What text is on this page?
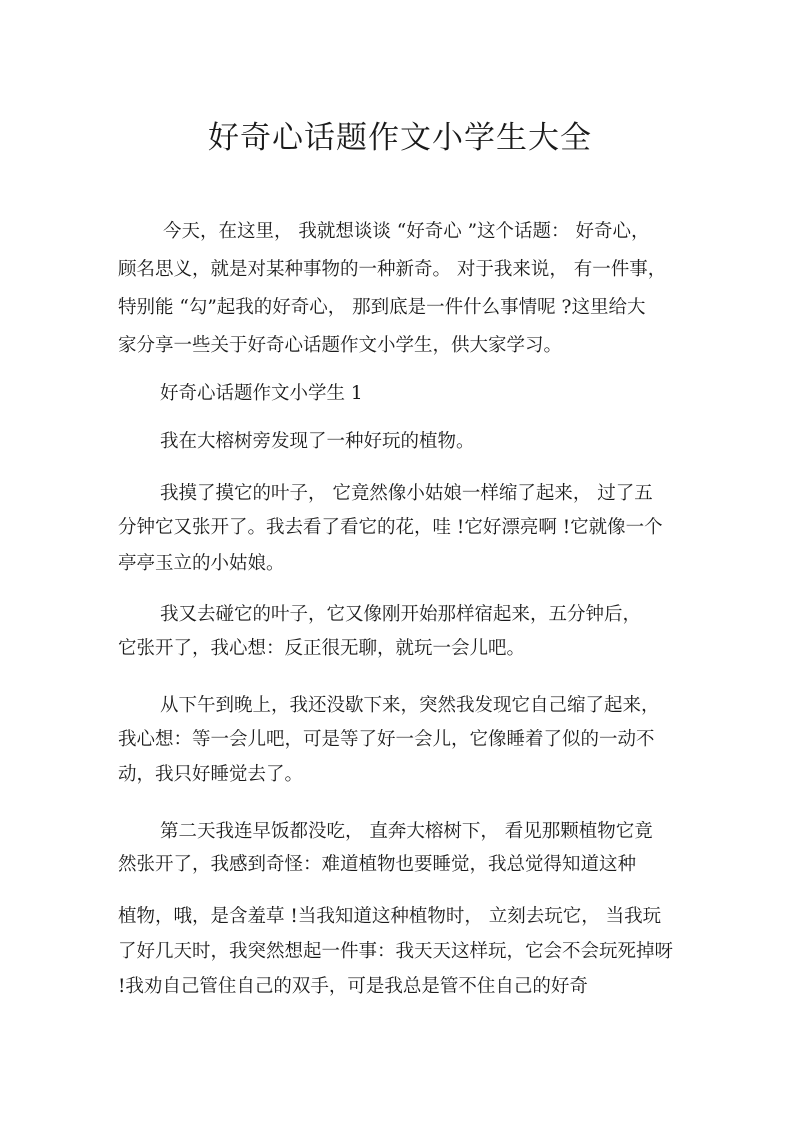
好奇心话题作文小学生大全

今天，在这里， 我就想谈谈 “好奇心 ”这个话题： 好奇心，

顾名思义，就是对某种事物的一种新奇。 对于我来说， 有一件事，

特别能 “勾”起我的好奇心， 那到底是一件什么事情呢 ?这里给大

家分享一些关于好奇心话题作文小学生，供大家学习。

好奇心话题作文小学生 1

我在大榕树旁发现了一种好玩的植物。

我摸了摸它的叶子， 它竟然像小姑娘一样缩了起来， 过了五

分钟它又张开了。我去看了看它的花，哇 !它好漂亮啊 !它就像一个

亭亭玉立的小姑娘。

我又去碰它的叶子，它又像刚开始那样宿起来，五分钟后，

它张开了，我心想：反正很无聊，就玩一会儿吧。

从下午到晚上，我还没歇下来，突然我发现它自己缩了起来，

我心想：等一会儿吧，可是等了好一会儿，它像睡着了似的一动不

动，我只好睡觉去了。

第二天我连早饭都没吃， 直奔大榕树下， 看见那颗植物它竟

然张开了，我感到奇怪：难道植物也要睡觉，我总觉得知道这种

植物，哦，是含羞草 !当我知道这种植物时， 立刻去玩它， 当我玩

了好几天时，我突然想起一件事：我天天这样玩，它会不会玩死掉呀

!我劝自己管住自己的双手，可是我总是管不住自己的好奇
